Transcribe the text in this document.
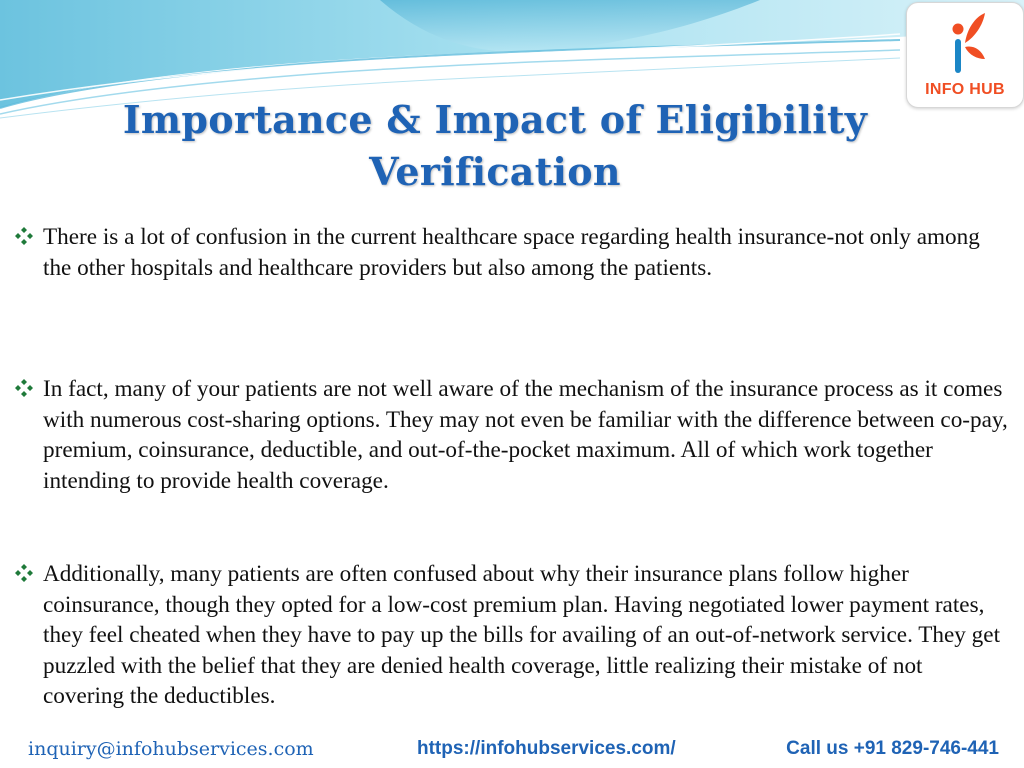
INFO HUB
Importance & Impact of Eligibility
Verification
There is a lot of confusion in the current healthcare space regarding health insurance-not only among the other hospitals and healthcare providers but also among the patients.
In fact, many of your patients are not well aware of the mechanism of the insurance process as it comes with numerous cost-sharing options. They may not even be familiar with the difference between co-pay, premium, coinsurance, deductible, and out-of-the-pocket maximum. All of which work together intending to provide health coverage.
Additionally, many patients are often confused about why their insurance plans follow higher coinsurance, though they opted for a low-cost premium plan. Having negotiated lower payment rates, they feel cheated when they have to pay up the bills for availing of an out-of-network service. They get puzzled with the belief that they are denied health coverage, little realizing their mistake of not covering the deductibles.
inquiry@infohubservices.com	https://infohubservices.com/	Call us +91 829-746-441
